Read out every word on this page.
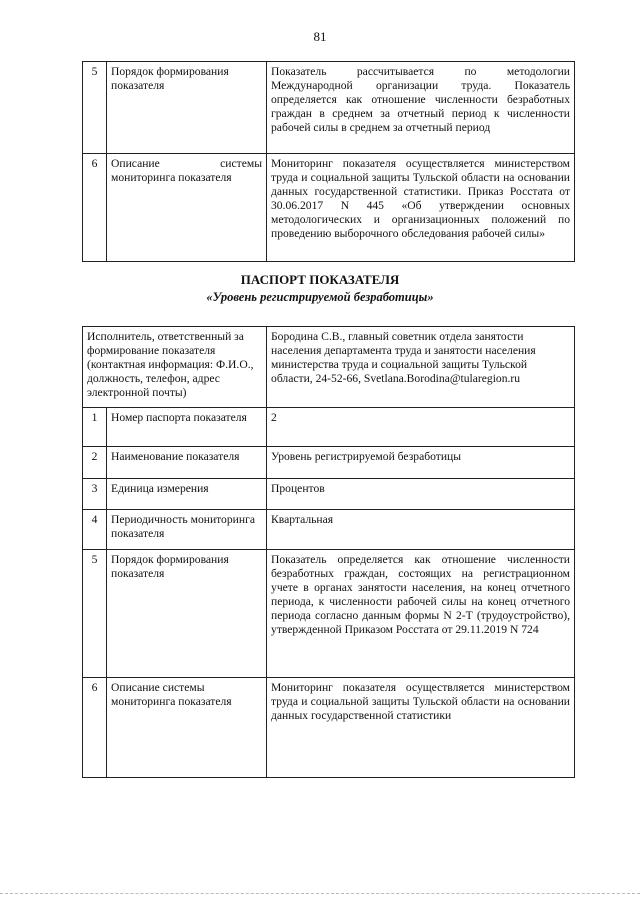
81
5	Порядок формирования показателя	Показатель рассчитывается по методологии Международной организации труда. Показатель определяется как отношение численности безработных граждан в среднем за отчетный период к численности рабочей силы в среднем за отчетный период
6	Описание системы мониторинга показателя	Мониторинг показателя осуществляется министерством труда и социальной защиты Тульской области на основании данных государственной статистики. Приказ Росстата от 30.06.2017 N 445 «Об утверждении основных методологических и организационных положений по проведению выборочного обследования рабочей силы»
ПАСПОРТ ПОКАЗАТЕЛЯ
«Уровень регистрируемой безработицы»
Исполнитель, ответственный за формирование показателя (контактная информация: Ф.И.О., должность, телефон, адрес электронной почты)		Бородина С.В., главный советник отдела занятости населения департамента труда и занятости населения министерства труда и социальной защиты Тульской области, 24-52-66, Svetlana.Borodina@tularegion.ru
1	Номер паспорта показателя	2
2	Наименование показателя	Уровень регистрируемой безработицы
3	Единица измерения	Процентов
4	Периодичность мониторинга показателя	Квартальная
5	Порядок формирования показателя	Показатель определяется как отношение численности безработных граждан, состоящих на регистрационном учете в органах занятости населения, на конец отчетного периода, к численности рабочей силы на конец отчетного периода согласно данным формы N 2-Т (трудоустройство), утвержденной Приказом Росстата от 29.11.2019 N 724
6	Описание системы мониторинга показателя	Мониторинг показателя осуществляется министерством труда и социальной защиты Тульской области на основании данных государственной статистики
